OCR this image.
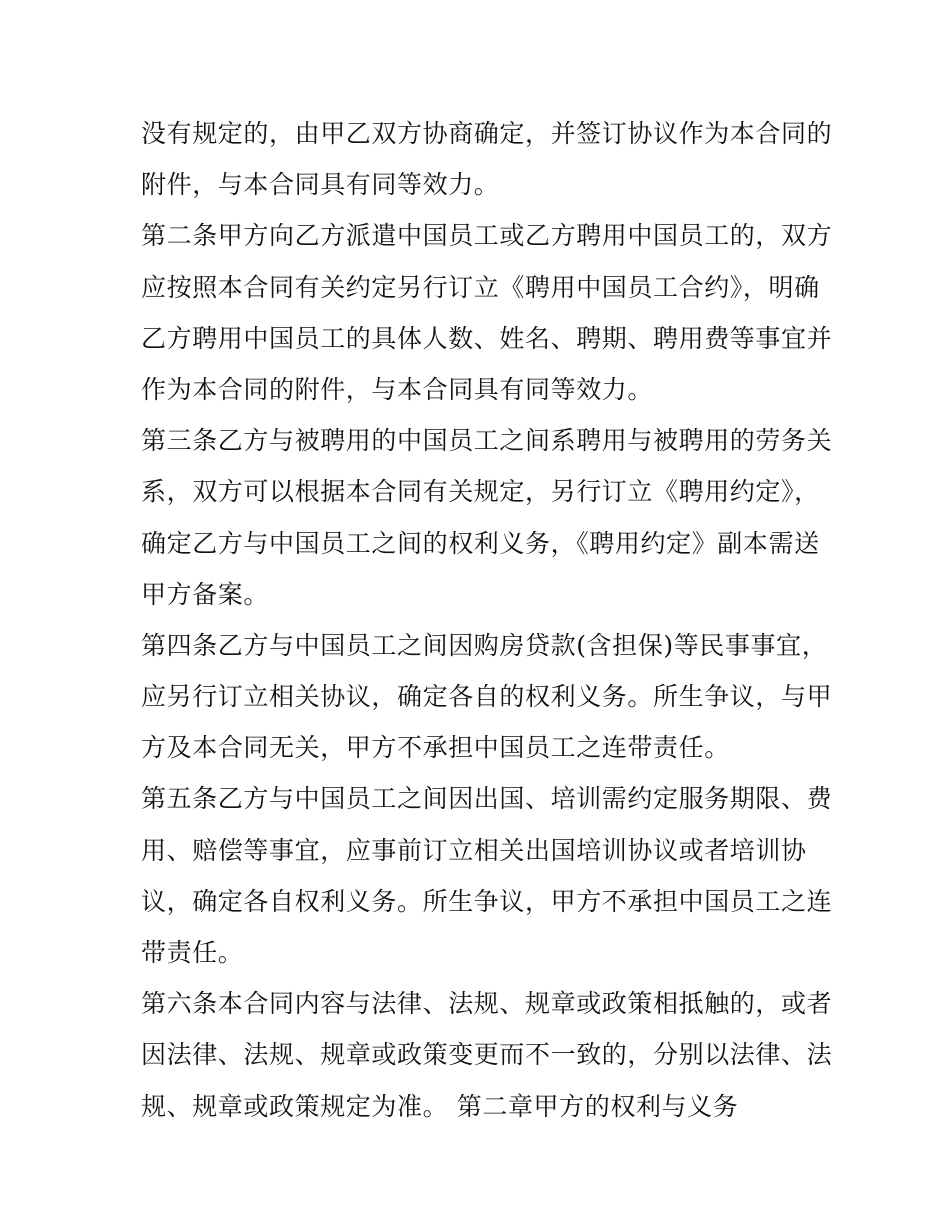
没有规定的，由甲乙双方协商确定，并签订协议作为本合同的
附件，与本合同具有同等效力。
第二条甲方向乙方派遣中国员工或乙方聘用中国员工的，双方
应按照本合同有关约定另行订立《聘用中国员工合约》，明确
乙方聘用中国员工的具体人数、姓名、聘期、聘用费等事宜并
作为本合同的附件，与本合同具有同等效力。
第三条乙方与被聘用的中国员工之间系聘用与被聘用的劳务关
系，双方可以根据本合同有关规定，另行订立《聘用约定》，
确定乙方与中国员工之间的权利义务，《聘用约定》副本需送
甲方备案。
第四条乙方与中国员工之间因购房贷款(含担保)等民事事宜，
应另行订立相关协议，确定各自的权利义务。所生争议，与甲
方及本合同无关，甲方不承担中国员工之连带责任。
第五条乙方与中国员工之间因出国、培训需约定服务期限、费
用、赔偿等事宜，应事前订立相关出国培训协议或者培训协
议，确定各自权利义务。所生争议，甲方不承担中国员工之连
带责任。
第六条本合同内容与法律、法规、规章或政策相抵触的，或者
因法律、法规、规章或政策变更而不一致的，分别以法律、法
规、规章或政策规定为准。 第二章甲方的权利与义务
